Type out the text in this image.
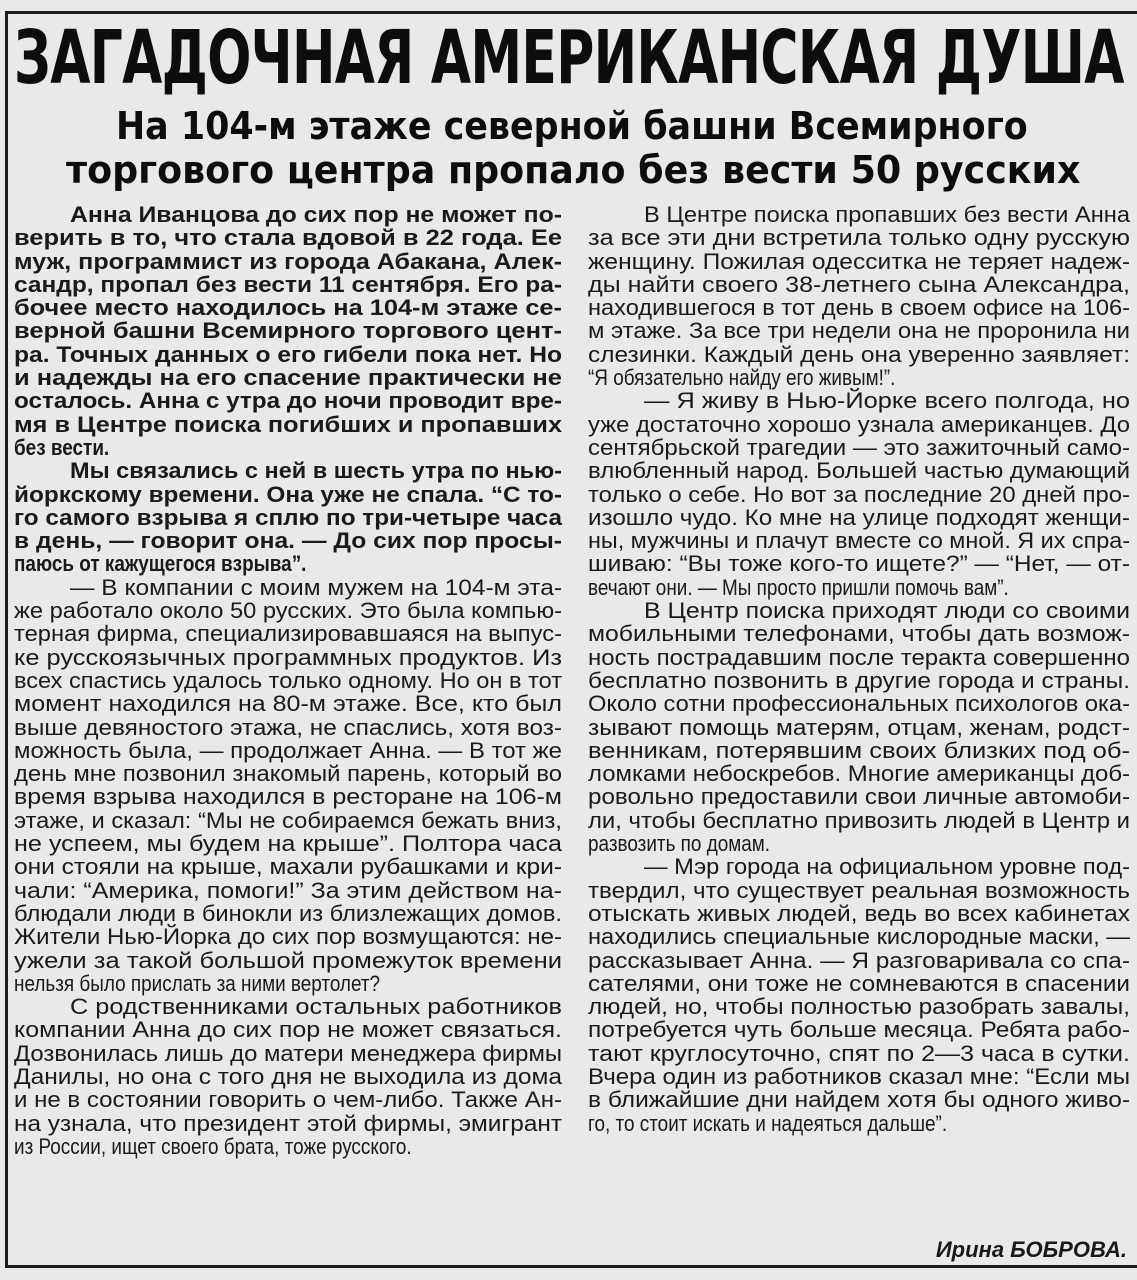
ЗАГАДОЧНАЯ АМЕРИКАНСКАЯ ДУША
На 104-м этаже северной башни Всемирного
торгового центра пропало без вести 50 русских
Анна Иванцова до сих пор не может по-
верить в то, что стала вдовой в 22 года. Ее
муж, программист из города Абакана, Алек-
сандр, пропал без вести 11 сентября. Его ра-
бочее место находилось на 104-м этаже се-
верной башни Всемирного торгового цент-
ра. Точных данных о его гибели пока нет. Но
и надежды на его спасение практически не
осталось. Анна с утра до ночи проводит вре-
мя в Центре поиска погибших и пропавших
без вести.
Мы связались с ней в шесть утра по нью-
йоркскому времени. Она уже не спала. “С то-
го самого взрыва я сплю по три-четыре часа
в день, — говорит она. — До сих пор просы-
паюсь от кажущегося взрыва”.
— В компании с моим мужем на 104-м эта-
же работало около 50 русских. Это была компью-
терная фирма, специализировавшаяся на выпус-
ке русскоязычных программных продуктов. Из
всех спастись удалось только одному. Но он в тот
момент находился на 80-м этаже. Все, кто был
выше девяностого этажа, не спаслись, хотя воз-
можность была, — продолжает Анна. — В тот же
день мне позвонил знакомый парень, который во
время взрыва находился в ресторане на 106-м
этаже, и сказал: “Мы не собираемся бежать вниз,
не успеем, мы будем на крыше”. Полтора часа
они стояли на крыше, махали рубашками и кри-
чали: “Америка, помоги!” За этим действом на-
блюдали люди в бинокли из близлежащих домов.
Жители Нью-Йорка до сих пор возмущаются: не-
ужели за такой большой промежуток времени
нельзя было прислать за ними вертолет?
С родственниками остальных работников
компании Анна до сих пор не может связаться.
Дозвонилась лишь до матери менеджера фирмы
Данилы, но она с того дня не выходила из дома
и не в состоянии говорить о чем-либо. Также Ан-
на узнала, что президент этой фирмы, эмигрант
из России, ищет своего брата, тоже русского.
В Центре поиска пропавших без вести Анна
за все эти дни встретила только одну русскую
женщину. Пожилая одесситка не теряет надеж-
ды найти своего 38-летнего сына Александра,
находившегося в тот день в своем офисе на 106-
м этаже. За все три недели она не проронила ни
слезинки. Каждый день она уверенно заявляет:
“Я обязательно найду его живым!”.
— Я живу в Нью-Йорке всего полгода, но
уже достаточно хорошо узнала американцев. До
сентябрьской трагедии — это зажиточный само-
влюбленный народ. Большей частью думающий
только о себе. Но вот за последние 20 дней про-
изошло чудо. Ко мне на улице подходят женщи-
ны, мужчины и плачут вместе со мной. Я их спра-
шиваю: “Вы тоже кого-то ищете?” — “Нет, — от-
вечают они. — Мы просто пришли помочь вам”.
В Центр поиска приходят люди со своими
мобильными телефонами, чтобы дать возмож-
ность пострадавшим после теракта совершенно
бесплатно позвонить в другие города и страны.
Около сотни профессиональных психологов ока-
зывают помощь матерям, отцам, женам, родст-
венникам, потерявшим своих близких под об-
ломками небоскребов. Многие американцы доб-
ровольно предоставили свои личные автомоби-
ли, чтобы бесплатно привозить людей в Центр и
развозить по домам.
— Мэр города на официальном уровне под-
твердил, что существует реальная возможность
отыскать живых людей, ведь во всех кабинетах
находились специальные кислородные маски, —
рассказывает Анна. — Я разговаривала со спа-
сателями, они тоже не сомневаются в спасении
людей, но, чтобы полностью разобрать завалы,
потребуется чуть больше месяца. Ребята рабо-
тают круглосуточно, спят по 2—3 часа в сутки.
Вчера один из работников сказал мне: “Если мы
в ближайшие дни найдем хотя бы одного живо-
го, то стоит искать и надеяться дальше”.
Ирина БОБРОВА.
